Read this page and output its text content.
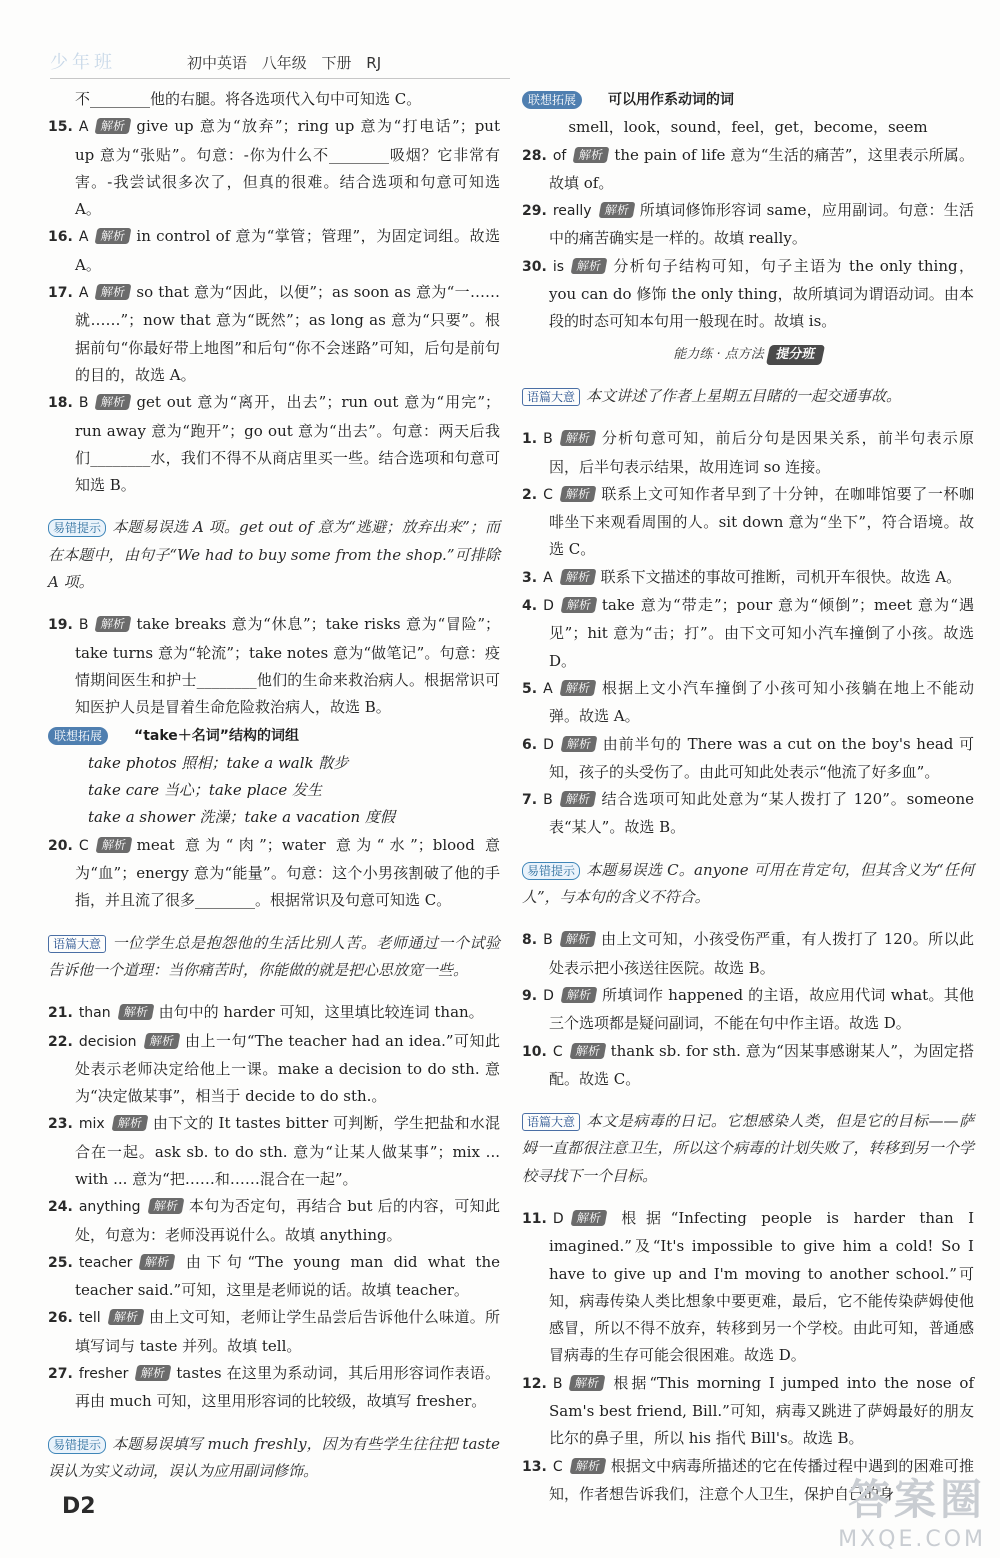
少年班	初中英语 八年级 下册 RJ

不________他的右腿。将各选项代入句中可知选 C。

15. A 解析 give up 意为“放弃”；ring up 意为“打电话”；put up 意为“张贴”。句意：-你为什么不________吸烟？它非常有害。-我尝试很多次了，但真的很难。结合选项和句意可知选 A。

16. A 解析 in control of 意为“掌管；管理”，为固定词组。故选 A。

17. A 解析 so that 意为“因此，以便”；as soon as 意为“一……就……”；now that 意为“既然”；as long as 意为“只要”。根据前句“你最好带上地图”和后句“你不会迷路”可知，后句是前句的目的，故选 A。

18. B 解析 get out 意为“离开，出去”；run out 意为“用完”；run away 意为“跑开”；go out 意为“出去”。句意：两天后我们________水，我们不得不从商店里买一些。结合选项和句意可知选 B。

易错提示 本题易误选 A 项。get out of 意为“逃避；放弃出来”；而在本题中，由句子“We had to buy some from the shop.”可排除 A 项。

19. B 解析 take breaks 意为“休息”；take risks 意为“冒险”；take turns 意为“轮流”；take notes 意为“做笔记”。句意：疫情期间医生和护士________他们的生命来救治病人。根据常识可知医护人员是冒着生命危险救治病人，故选 B。

联想拓展 “take＋名词”结构的词组
take photos 照相；take a walk 散步
take care 当心；take place 发生
take a shower 洗澡；take a vacation 度假

20. C 解析 meat 意为“肉”；water 意为“水”；blood 意为“血”；energy 意为“能量”。句意：这个小男孩割破了他的手指，并且流了很多________。根据常识及句意可知选 C。

语篇大意 一位学生总是抱怨他的生活比别人苦。老师通过一个试验告诉他一个道理：当你痛苦时，你能做的就是把心思放宽一些。

21. than 解析 由句中的 harder 可知，这里填比较连词 than。

22. decision 解析 由上一句“The teacher had an idea.”可知此处表示老师决定给他上一课。make a decision to do sth. 意为“决定做某事”，相当于 decide to do sth.。

23. mix 解析 由下文的 It tastes bitter 可判断，学生把盐和水混合在一起。ask sb. to do sth. 意为“让某人做某事”；mix ... with ... 意为“把……和……混合在一起”。

24. anything 解析 本句为否定句，再结合 but 后的内容，可知此处，句意为：老师没再说什么。故填 anything。

25. teacher 解析 由下句“The young man did what the teacher said.”可知，这里是老师说的话。故填 teacher。

26. tell 解析 由上文可知，老师让学生品尝后告诉他什么味道。所填写词与 taste 并列。故填 tell。

27. fresher 解析 tastes 在这里为系动词，其后用形容词作表语。再由 much 可知，这里用形容词的比较级，故填写 fresher。

易错提示 本题易误填写 much freshly，因为有些学生往往把 taste 误认为实义动词，误认为应用副词修饰。

联想拓展 可以用作系动词的词
smell，look，sound，feel，get，become，seem

28. of 解析 the pain of life 意为“生活的痛苦”，这里表示所属。故填 of。

29. really 解析 所填词修饰形容词 same，应用副词。句意：生活中的痛苦确实是一样的。故填 really。

30. is 解析 分析句子结构可知，句子主语为 the only thing，you can do 修饰 the only thing，故所填词为谓语动词。由本段的时态可知本句用一般现在时。故填 is。

能力练 · 点方法 提分班

语篇大意 本文讲述了作者上星期五目睹的一起交通事故。

1. B 解析 分析句意可知，前后分句是因果关系，前半句表示原因，后半句表示结果，故用连词 so 连接。

2. C 解析 联系上文可知作者早到了十分钟，在咖啡馆要了一杯咖啡坐下来观看周围的人。sit down 意为“坐下”，符合语境。故选 C。

3. A 解析 联系下文描述的事故可推断，司机开车很快。故选 A。

4. D 解析 take 意为“带走”；pour 意为“倾倒”；meet 意为“遇见”；hit 意为“击；打”。由下文可知小汽车撞倒了小孩。故选 D。

5. A 解析 根据上文小汽车撞倒了小孩可知小孩躺在地上不能动弹。故选 A。

6. D 解析 由前半句的 There was a cut on the boy's head 可知，孩子的头受伤了。由此可知此处表示“他流了好多血”。

7. B 解析 结合选项可知此处意为“某人拨打了 120”。someone 表“某人”。故选 B。

易错提示 本题易误选 C。anyone 可用在肯定句，但其含义为“任何人”，与本句的含义不符合。

8. B 解析 由上文可知，小孩受伤严重，有人拨打了 120。所以此处表示把小孩送往医院。故选 B。

9. D 解析 所填词作 happened 的主语，故应用代词 what。其他三个选项都是疑问副词，不能在句中作主语。故选 D。

10. C 解析 thank sb. for sth. 意为“因某事感谢某人”，为固定搭配。故选 C。

语篇大意 本文是病毒的日记。它想感染人类，但是它的目标——萨姆一直都很注意卫生，所以这个病毒的计划失败了，转移到另一个学校寻找下一个目标。

11. D 解析 根据“Infecting people is harder than I imagined.”及“It's impossible to give him a cold! So I have to give up and I'm moving to another school.”可知，病毒传染人类比想象中要更难，最后，它不能传染萨姆使他感冒，所以不得不放弃，转移到另一个学校。由此可知，普通感冒病毒的生存可能会很困难。故选 D。

12. B 解析 根据“This morning I jumped into the nose of Sam's best friend, Bill.”可知，病毒又跳进了萨姆最好的朋友比尔的鼻子里，所以 his 指代 Bill's。故选 B。

13. C 解析 根据文中病毒所描述的它在传播过程中遇到的困难可推知，作者想告诉我们，注意个人卫生，保护自己的身

D2	答案圈
MXQE.COM
